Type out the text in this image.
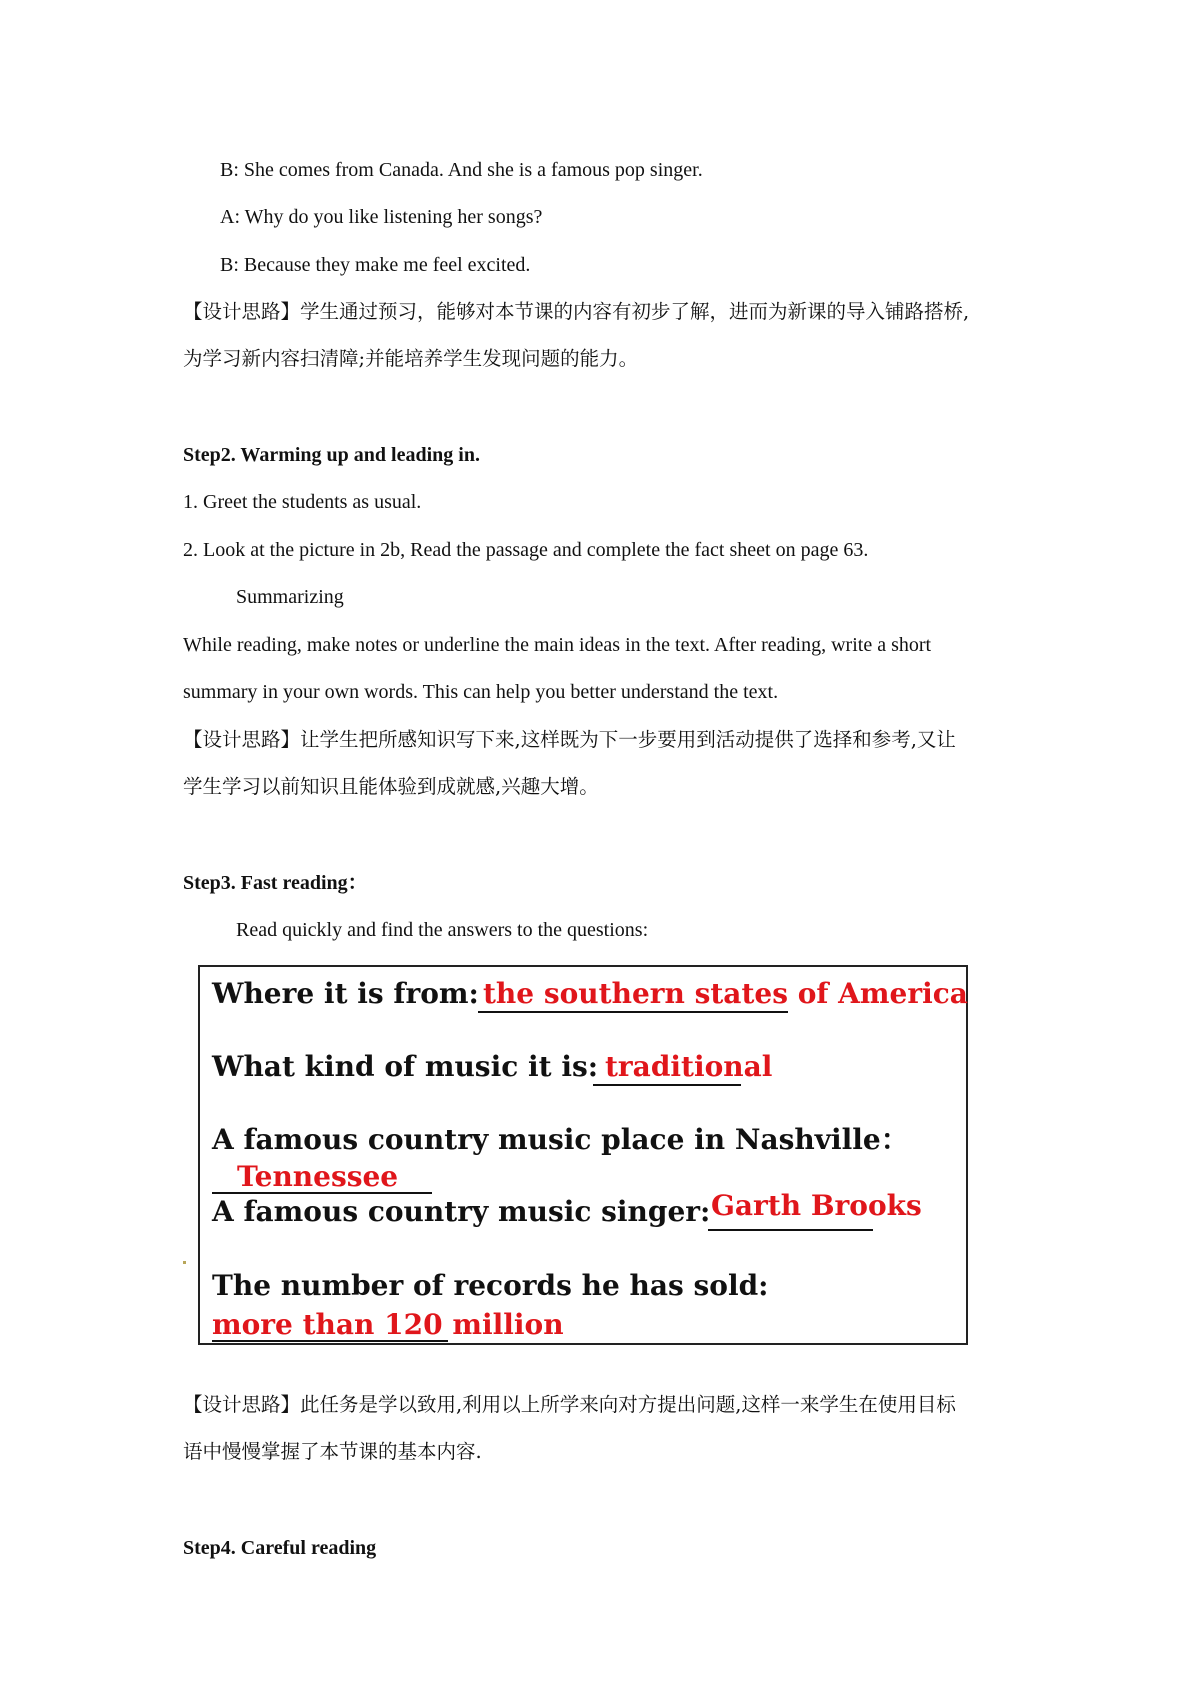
B: She comes from Canada. And she is a famous pop singer.
A: Why do you like listening her songs?
B: Because they make me feel excited.
【设计思路】学生通过预习，能够对本节课的内容有初步了解，进而为新课的导入铺路搭桥,
为学习新内容扫清障;并能培养学生发现问题的能力。
Step2. Warming up and leading in.
1. Greet the students as usual.
2. Look at the picture in 2b, Read the passage and complete the fact sheet on page 63.
Summarizing
While reading, make notes or underline the main ideas in the text. After reading, write a short
summary in your own words. This can help you better understand the text.
【设计思路】让学生把所感知识写下来,这样既为下一步要用到活动提供了选择和参考,又让
学生学习以前知识且能体验到成就感,兴趣大增。
Step3. Fast reading：
Read quickly and find the answers to the questions:
Where it is from: the southern states of America
What kind of music it is: traditional
A famous country music place in Nashville：
Tennessee
A famous country music singer: Garth Brooks
The number of records he has sold:
more than 120 million
【设计思路】此任务是学以致用,利用以上所学来向对方提出问题,这样一来学生在使用目标
语中慢慢掌握了本节课的基本内容.
Step4. Careful reading
